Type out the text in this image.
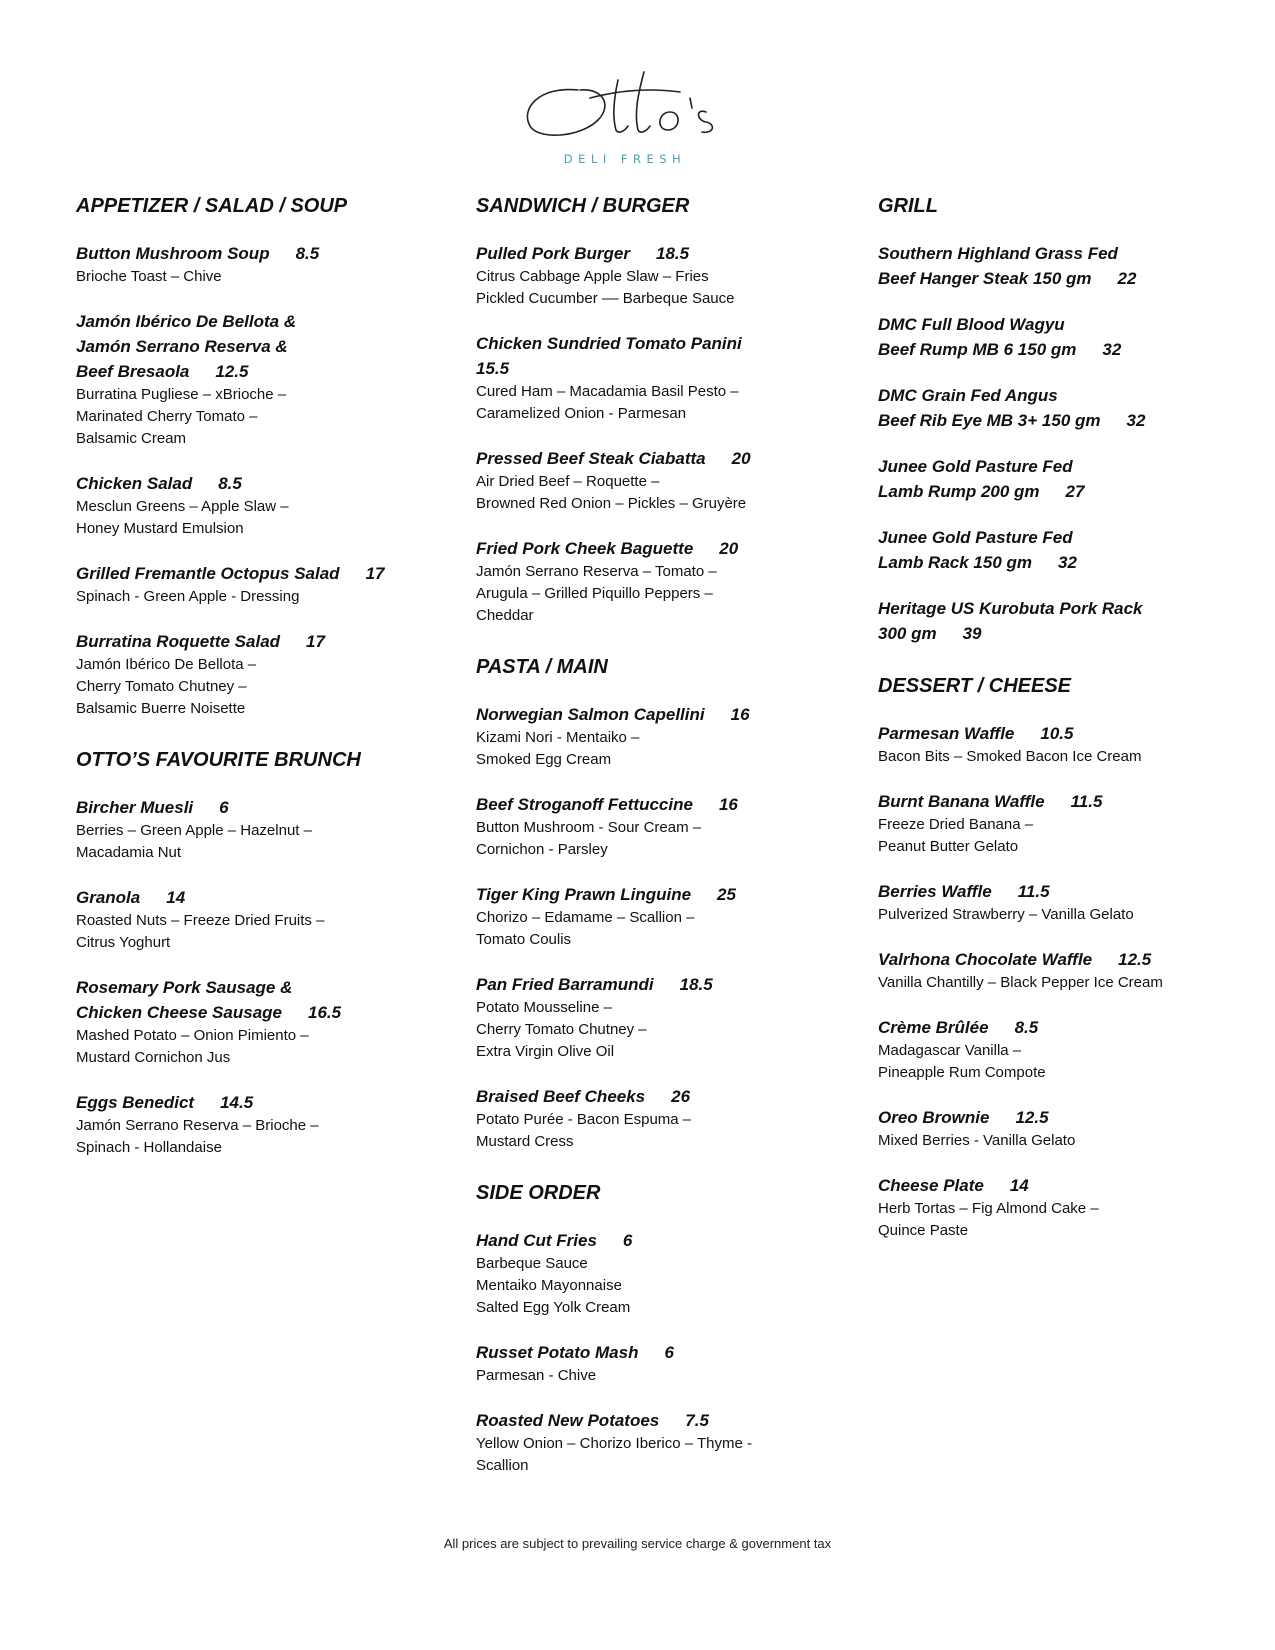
DELI FRESH
APPETIZER / SALAD / SOUP
Button Mushroom Soup 8.5
Brioche Toast – Chive
Jamón Ibérico De Bellota &
Jamón Serrano Reserva &
Beef Bresaola 12.5
Burratina Pugliese – xBrioche –
Marinated Cherry Tomato –
Balsamic Cream
Chicken Salad 8.5
Mesclun Greens – Apple Slaw –
Honey Mustard Emulsion
Grilled Fremantle Octopus Salad 17
Spinach - Green Apple - Dressing
Burratina Roquette Salad 17
Jamón Ibérico De Bellota –
Cherry Tomato Chutney –
Balsamic Buerre Noisette
OTTO’S FAVOURITE BRUNCH
Bircher Muesli 6
Berries – Green Apple – Hazelnut –
Macadamia Nut
Granola 14
Roasted Nuts – Freeze Dried Fruits –
Citrus Yoghurt
Rosemary Pork Sausage &
Chicken Cheese Sausage 16.5
Mashed Potato – Onion Pimiento –
Mustard Cornichon Jus
Eggs Benedict 14.5
Jamón Serrano Reserva – Brioche –
Spinach - Hollandaise
SANDWICH / BURGER
Pulled Pork Burger 18.5
Citrus Cabbage Apple Slaw – Fries
Pickled Cucumber –– Barbeque Sauce
Chicken Sundried Tomato Panini
15.5
Cured Ham – Macadamia Basil Pesto –
Caramelized Onion - Parmesan
Pressed Beef Steak Ciabatta 20
Air Dried Beef – Roquette –
Browned Red Onion – Pickles – Gruyère
Fried Pork Cheek Baguette 20
Jamón Serrano Reserva – Tomato –
Arugula – Grilled Piquillo Peppers –
Cheddar
PASTA / MAIN
Norwegian Salmon Capellini 16
Kizami Nori - Mentaiko –
Smoked Egg Cream
Beef Stroganoff Fettuccine 16
Button Mushroom - Sour Cream –
Cornichon - Parsley
Tiger King Prawn Linguine 25
Chorizo – Edamame – Scallion –
Tomato Coulis
Pan Fried Barramundi 18.5
Potato Mousseline –
Cherry Tomato Chutney –
Extra Virgin Olive Oil
Braised Beef Cheeks 26
Potato Purée - Bacon Espuma –
Mustard Cress
SIDE ORDER
Hand Cut Fries 6
Barbeque Sauce
Mentaiko Mayonnaise
Salted Egg Yolk Cream
Russet Potato Mash 6
Parmesan - Chive
Roasted New Potatoes 7.5
Yellow Onion – Chorizo Iberico – Thyme -
Scallion
GRILL
Southern Highland Grass Fed
Beef Hanger Steak 150 gm 22
DMC Full Blood Wagyu
Beef Rump MB 6 150 gm 32
DMC Grain Fed Angus
Beef Rib Eye MB 3+ 150 gm 32
Junee Gold Pasture Fed
Lamb Rump 200 gm 27
Junee Gold Pasture Fed
Lamb Rack 150 gm 32
Heritage US Kurobuta Pork Rack
300 gm 39
DESSERT / CHEESE
Parmesan Waffle 10.5
Bacon Bits – Smoked Bacon Ice Cream
Burnt Banana Waffle 11.5
Freeze Dried Banana –
Peanut Butter Gelato
Berries Waffle 11.5
Pulverized Strawberry – Vanilla Gelato
Valrhona Chocolate Waffle 12.5
Vanilla Chantilly – Black Pepper Ice Cream
Crème Brûlée 8.5
Madagascar Vanilla –
Pineapple Rum Compote
Oreo Brownie 12.5
Mixed Berries - Vanilla Gelato
Cheese Plate 14
Herb Tortas – Fig Almond Cake –
Quince Paste
All prices are subject to prevailing service charge & government tax
